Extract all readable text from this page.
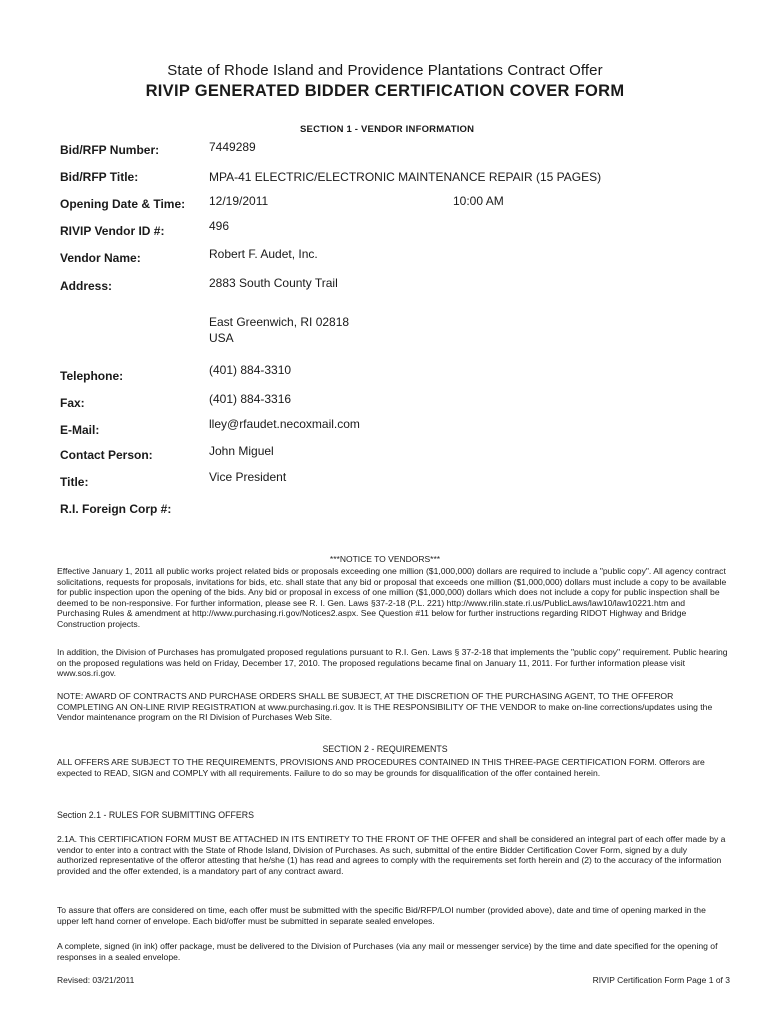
State of Rhode Island and Providence Plantations Contract Offer
RIVIP GENERATED BIDDER CERTIFICATION COVER FORM
SECTION 1 - VENDOR INFORMATION
Bid/RFP Number:	7449289
Bid/RFP Title:	MPA-41 ELECTRIC/ELECTRONIC MAINTENANCE REPAIR (15 PAGES)
Opening Date & Time: 12/19/2011	10:00 AM
RIVIP Vendor ID #:	496
Vendor Name:	Robert F. Audet, Inc.
Address:	2883 South County Trail
East Greenwich, RI 02818
USA
Telephone:	(401) 884-3310
Fax:	(401) 884-3316
E-Mail:	lley@rfaudet.necoxmail.com
Contact Person:	John Miguel
Title:	Vice President
R.I. Foreign Corp #:
***NOTICE TO VENDORS***

Effective January 1, 2011 all public works project related bids or proposals exceeding one million ($1,000,000) dollars are required to include a "public copy". All agency contract solicitations, requests for proposals, invitations for bids, etc. shall state that any bid or proposal that exceeds one million ($1,000,000) dollars must include a copy to be available for public inspection upon the opening of the bids. Any bid or proposal in excess of one million ($1,000,000) dollars which does not include a copy for public inspection shall be deemed to be non-responsive. For further information, please see R. I. Gen. Laws §37-2-18 (P.L. 221) http://www.rilin.state.ri.us/PublicLaws/law10/law10221.htm and Purchasing Rules & amendment at http://www.purchasing.ri.gov/Notices2.aspx. See Question #11 below for further instructions regarding RIDOT Highway and Bridge Construction projects.

In addition, the Division of Purchases has promulgated proposed regulations pursuant to R.I. Gen. Laws § 37-2-18 that implements the "public copy" requirement. Public hearing on the proposed regulations was held on Friday, December 17, 2010. The proposed regulations became final on January 11, 2011. For further information please visit www.sos.ri.gov.

NOTE: AWARD OF CONTRACTS AND PURCHASE ORDERS SHALL BE SUBJECT, AT THE DISCRETION OF THE PURCHASING AGENT, TO THE OFFEROR COMPLETING AN ON-LINE RIVIP REGISTRATION at www.purchasing.ri.gov. It is THE RESPONSIBILITY OF THE VENDOR to make on-line corrections/updates using the Vendor maintenance program on the RI Division of Purchases Web Site.

SECTION 2 - REQUIREMENTS

ALL OFFERS ARE SUBJECT TO THE REQUIREMENTS, PROVISIONS AND PROCEDURES CONTAINED IN THIS THREE-PAGE CERTIFICATION FORM. Offerors are expected to READ, SIGN and COMPLY with all requirements. Failure to do so may be grounds for disqualification of the offer contained herein.

Section 2.1 - RULES FOR SUBMITTING OFFERS

2.1A. This CERTIFICATION FORM MUST BE ATTACHED IN ITS ENTIRETY TO THE FRONT OF THE OFFER and shall be considered an integral part of each offer made by a vendor to enter into a contract with the State of Rhode Island, Division of Purchases. As such, submittal of the entire Bidder Certification Cover Form, signed by a duly authorized representative of the offeror attesting that he/she (1) has read and agrees to comply with the requirements set forth herein and (2) to the accuracy of the information provided and the offer extended, is a mandatory part of any contract award.

To assure that offers are considered on time, each offer must be submitted with the specific Bid/RFP/LOI number (provided above), date and time of opening marked in the upper left hand corner of envelope. Each bid/offer must be submitted in separate sealed envelopes.

A complete, signed (in ink) offer package, must be delivered to the Division of Purchases (via any mail or messenger service) by the time and date specified for the opening of responses in a sealed envelope.

Revised: 03/21/2011	RIVIP Certification Form Page 1 of 3
